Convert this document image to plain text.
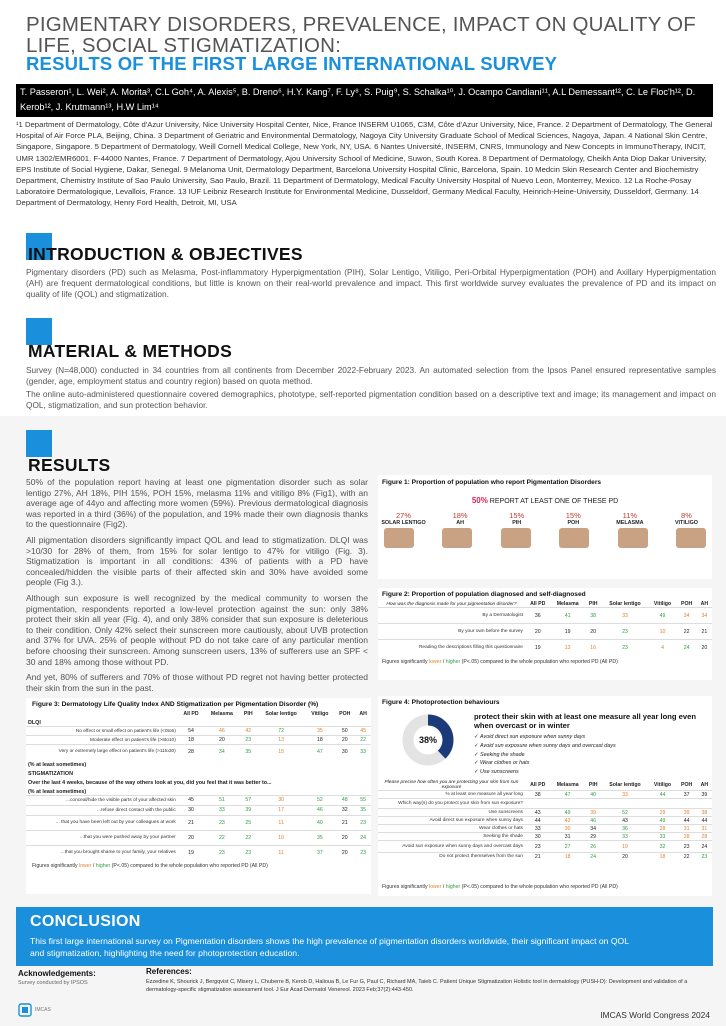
PIGMENTARY DISORDERS, PREVALENCE, IMPACT ON QUALITY OF LIFE, SOCIAL STIGMATIZATION:
RESULTS OF THE FIRST LARGE INTERNATIONAL SURVEY
T. Passeron¹, L. Wei², A. Morita³, C.L Goh⁴, A. Alexis⁵, B. Dreno⁶, H.Y. Kang⁷, F. Ly⁸, S. Puig⁹, S. Schalka¹⁰, J. Ocampo Candiani¹¹, A.L Demessant¹², C. Le Floc'h¹², D. Kerob¹², J. Krutmann¹³, H.W Lim¹⁴
¹1 Department of Dermatology, Côte d'Azur University, Nice University Hospital Center, Nice, France INSERM U1065, C3M, Côte d'Azur University, Nice, France. 2 Department of Dermatology, The General Hospital of Air Force PLA, Beijing, China. 3 Department of Geriatric and Environmental Dermatology, Nagoya City University Graduate School of Medical Sciences, Nagoya, Japan. 4 National Skin Centre, Singapore, Singapore. 5 Department of Dermatology, Weill Cornell Medical College, New York, NY, USA. 6 Nantes Université, INSERM, CNRS, Immunology and New Concepts in ImmunoTherapy, INCIT, UMR 1302/EMR6001. F-44000 Nantes, France. 7 Department of Dermatology, Ajou University School of Medicine, Suwon, South Korea. 8 Department of Dermatology, Cheikh Anta Diop Dakar University, EPS Institute of Social Hygiene, Dakar, Senegal. 9 Melanoma Unit, Dermatology Department, Barcelona University Hospital Clinic, Barcelona, Spain. 10 Medcin Skin Research Center and Biochemistry Department, Chemistry Institute of Sao Paulo University, Sao Paulo, Brazil. 11 Department of Dermatology, Medical Faculty University Hospital of Nuevo Leon, Monterrey, Mexico. 12 La Roche-Posay Laboratoire Dermatologique, Levallois, France. 13 IUF Leibniz Research Institute for Environmental Medicine, Dusseldorf, Germany Medical Faculty, Heinrich-Heine-University, Dusseldorf, Germany. 14 Department of Dermatology, Henry Ford Health, Detroit, MI, USA
INTRODUCTION & OBJECTIVES
Pigmentary disorders (PD) such as Melasma, Post-inflammatory Hyperpigmentation (PIH), Solar Lentigo, Vitiligo, Peri-Orbital Hyperpigmentation (POH) and Axillary Hyperpigmentation (AH) are frequent dermatological conditions, but little is known on their real-world prevalence and impact. This first worldwide survey evaluates the prevalence of PD and its impact on quality of life (QOL) and stigmatization.
MATERIAL & METHODS
Survey (N=48,000) conducted in 34 countries from all continents from December 2022-February 2023. An automated selection from the Ipsos Panel ensured representative samples (gender, age, employment status and country region) based on quota method.
The online auto-administered questionnaire covered demographics, phototype, self-reported pigmentation condition based on a descriptive text and image; its management and impact on QOL, stigmatization, and sun protection behavior.
RESULTS

50% of the population report having at least one pigmentation disorder such as solar lentigo 27%, AH 18%, PIH 15%, POH 15%, melasma 11% and vitiligo 8% (Fig1), with an average age of 44yo and affecting more women (59%). Previous dermatological diagnosis was reported in a third (36%) of the population, and 19% made their own diagnosis thanks to the questionnaire (Fig2).

All pigmentation disorders significantly impact QOL and lead to stigmatization. DLQI was >10/30 for 28% of them, from 15% for solar lentigo to 47% for vitiligo (Fig. 3). Stigmatization is important in all conditions: 43% of patients with a PD have concealed/hidden the visible parts of their affected skin and 30% have avoided some people (Fig 3.).

Although sun exposure is well recognized by the medical community to worsen the pigmentation, respondents reported a low-level protection against the sun: only 38% protect their skin all year (Fig. 4), and only 38% consider that sun exposure is deleterious to their condition. Only 42% select their sunscreen more cautiously, about UVB protection and 37% for UVA. 25% of people without PD do not take care of any particular mention before choosing their sunscreen. Among sunscreen users, 13% of sufferers use an SPF < 30 and 18% among those without PD.

And yet, 80% of sufferers and 70% of those without PD regret not having better protected their skin from the sun in the past.

Figure 1: Proportion of population who report Pigmentation Disorders
50% REPORT AT LEAST ONE OF THESE PD
27%
SOLAR LENTIGO
18%
AH
15%
PIH
15%
POH
11%
MELASMA
8%
VITILIGO
Figure 2: Proportion of population diagnosed and self-diagnosed
How was the diagnosis made for your pigmentation disorder?	All PD	Melasma	PIH	Solar lentigo	Vitiligo	POH	AH
By a Dermatologist	36	41	38	33	49	34	34
By your own before the survey	20	19	20	23	10	22	21
Reading the descriptions filling this questionnaire	19	13	16	23	4	24	20
Figures significantly lower / higher (P<.05) compared to the whole population who reported PD (All PD)
Figure 3: Dermatology Life Quality Index AND Stigmatization per Pigmentation Disorder (%)
	All PD	Melasma	PIH	Solar lentigo	Vitiligo	POH	AH
DLQI							
No effect or small effect on patient's life (<0to5)	54	46	42	72	35	50	45
Moderate effect on patient's life (>6to10)	18	20	23	13	18	20	22
Very or extremely large effect on patient's life (>11to30)	28	34	35	15	47	30	33
(% at least sometimes)							
STIGMATIZATION							
Over the last 4 weeks, because of the way others look at you, did you feel that it was better to...							
(% at least sometimes)							
...conceal/hide the visible parts of your affected skin	45	51	57	30	52	48	55
...refuse direct contact with the public	30	33	39	17	46	32	35
... that you have been left out by your colleagues at work	21	23	25	11	40	21	23
...that you were pushed away by your partner	20	22	22	10	35	20	24
...that you brought shame to your family, your relatives	19	23	23	11	37	20	23
Figures significantly lower / higher (P<.05) compared to the whole population who reported PD (All PD)
Figure 4: Photoprotection behaviours
38%
protect their skin with at least one measure all year long even when overcast or in winter
✓ Avoid direct sun exposure when sunny days
✓ Avoid sun exposure when sunny days and overcast days
✓ Seeking the shade
✓ Wear clothes or hats
✓ Use sunscreens
Please precise how often you are protecting your skin from sun exposure	All PD	Melasma	PIH	Solar lentigo	Vitiligo	POH	AH
% at least one measure all year long	38	47	40	33	44	37	39
Which way(s) do you protect your skin from sun exposure?							
Use sunscreens	43	49	39	52	29	39	38
Avoid direct sun exposure when sunny days	44	42	46	43	49	44	44
Wear clothes or hats	33	30	34	36	28	31	31
Seeking the shade	30	31	29	33	33	28	28
Avoid sun exposure when sunny days and overcast days	23	27	26	19	32	23	24
Do not protect themselves from the sun	21	18	24	20	18	22	23
Figures significantly lower / higher (P<.05) compared to the whole population who reported PD (All PD)
CONCLUSION
This first large international survey on Pigmentation disorders shows the high prevalence of pigmentation disorders worldwide, their significant impact on QOL and stigmatization, highlighting the need for photoprotection education.
Acknowledgements:
Survey conducted by IPSOS
References:
Ezzedine K, Shourick J, Bergqvist C, Misery L, Chuberre B, Kerob D, Halioua B, Le Fur G, Paul C, Richard MA, Taieb C. Patient Unique Stigmatization Holistic tool in dermatology (PUSH-D): Development and validation of a dermatology-specific stigmatization assessment tool. J Eur Acad Dermatol Venereol. 2023 Feb;37(2):443-450.
IMCAS	IMCAS World Congress 2024
